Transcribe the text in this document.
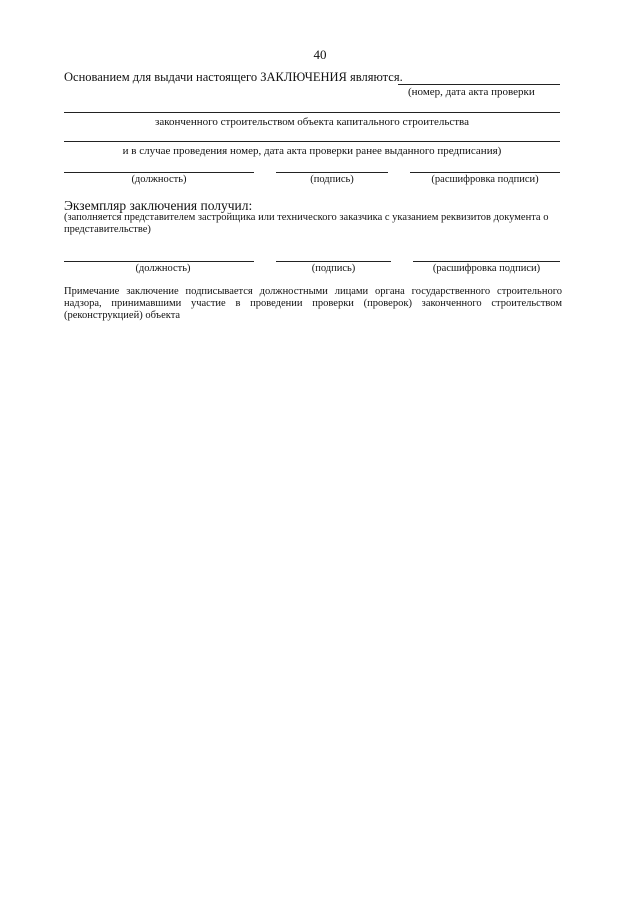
40
Основанием для выдачи настоящего ЗАКЛЮЧЕНИЯ являются.
(номер, дата акта проверки
законченного строительством объекта капитального строительства
и в случае проведения номер, дата акта проверки ранее выданного предписания)
(должность)	(подпись)	(расшифровка подписи)
Экземпляр заключения получил:
(заполняется представителем застройщика или технического заказчика с указанием реквизитов документа о представительстве)
(должность)	(подпись)	(расшифровка подписи)
Примечание заключение подписывается должностными лицами органа государственного строительного надзора, принимавшими участие в проведении проверки (проверок) законченного строительством (реконструкцией) объекта
